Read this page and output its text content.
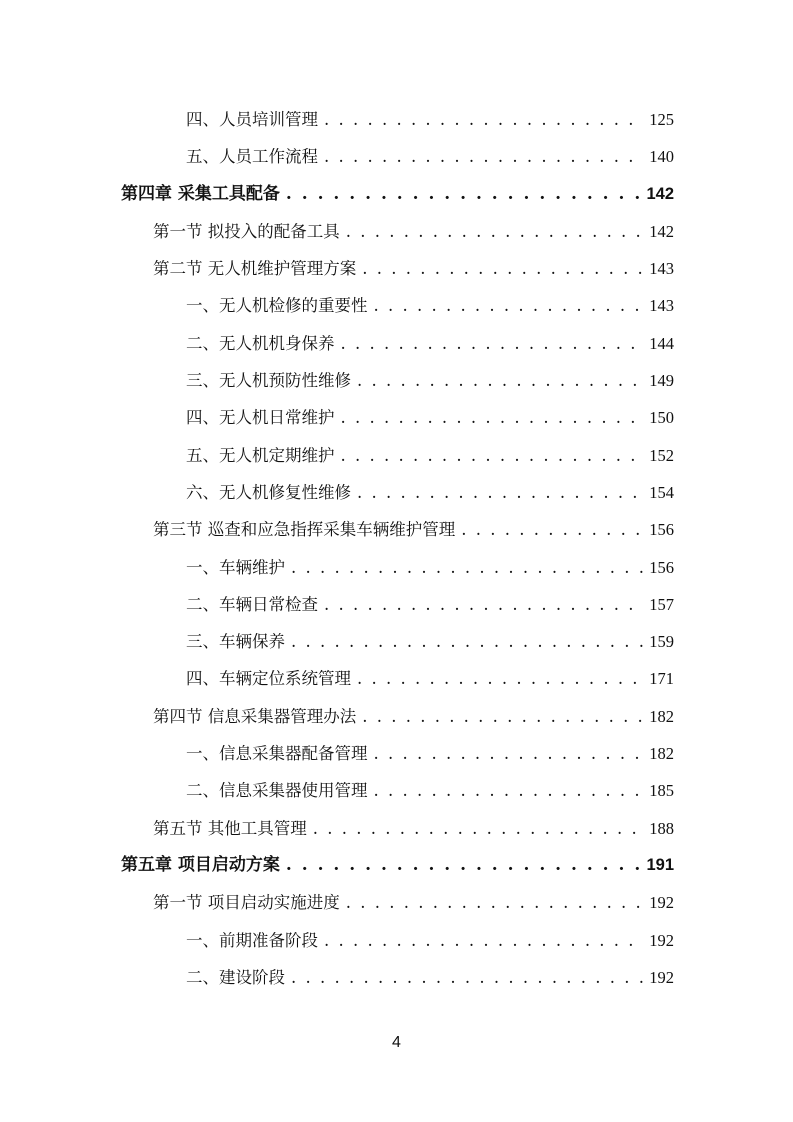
四、人员培训管理 . . .	125
五、人员工作流程 . . .	140
第四章 采集工具配备 . . .	142
第一节 拟投入的配备工具 . . .	142
第二节 无人机维护管理方案 . . .	143
一、无人机检修的重要性 . . .	143
二、无人机机身保养 . . .	144
三、无人机预防性维修 . . .	149
四、无人机日常维护 . . .	150
五、无人机定期维护 . . .	152
六、无人机修复性维修 . . .	154
第三节 巡查和应急指挥采集车辆维护管理 . . .	156
一、车辆维护 . . .	156
二、车辆日常检查 . . .	157
三、车辆保养 . . .	159
四、车辆定位系统管理 . . .	171
第四节 信息采集器管理办法 . . .	182
一、信息采集器配备管理 . . .	182
二、信息采集器使用管理 . . .	185
第五节 其他工具管理 . . .	188
第五章 项目启动方案 . . .	191
第一节 项目启动实施进度 . . .	192
一、前期准备阶段 . . .	192
二、建设阶段 . . .	192
4
